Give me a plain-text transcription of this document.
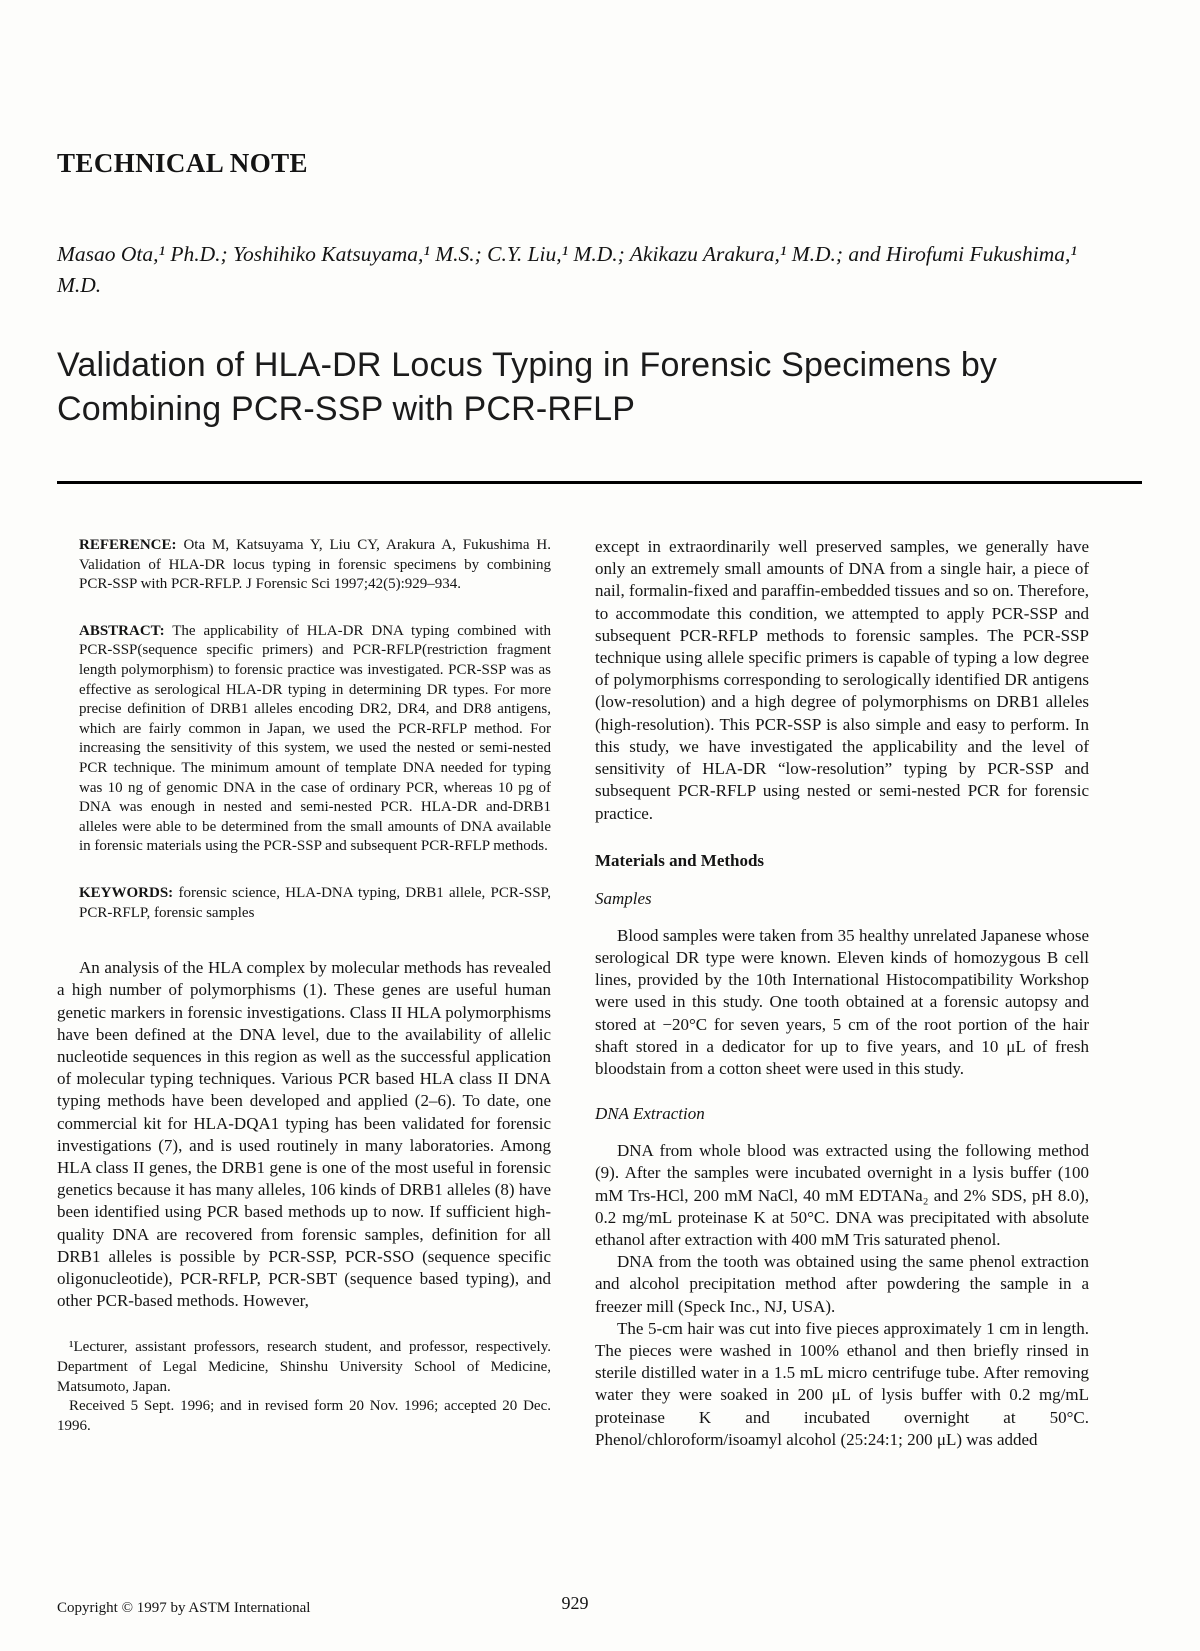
TECHNICAL NOTE

Masao Ota,¹ Ph.D.; Yoshihiko Katsuyama,¹ M.S.; C.Y. Liu,¹ M.D.; Akikazu Arakura,¹ M.D.; and Hirofumi Fukushima,¹ M.D.

Validation of HLA-DR Locus Typing in Forensic Specimens by Combining PCR-SSP with PCR-RFLP

REFERENCE: Ota M, Katsuyama Y, Liu CY, Arakura A, Fukushima H. Validation of HLA-DR locus typing in forensic specimens by combining PCR-SSP with PCR-RFLP. J Forensic Sci 1997;42(5):929–934.

ABSTRACT: The applicability of HLA-DR DNA typing combined with PCR-SSP(sequence specific primers) and PCR-RFLP(restriction fragment length polymorphism) to forensic practice was investigated. PCR-SSP was as effective as serological HLA-DR typing in determining DR types. For more precise definition of DRB1 alleles encoding DR2, DR4, and DR8 antigens, which are fairly common in Japan, we used the PCR-RFLP method. For increasing the sensitivity of this system, we used the nested or semi-nested PCR technique. The minimum amount of template DNA needed for typing was 10 ng of genomic DNA in the case of ordinary PCR, whereas 10 pg of DNA was enough in nested and semi-nested PCR. HLA-DR and-DRB1 alleles were able to be determined from the small amounts of DNA available in forensic materials using the PCR-SSP and subsequent PCR-RFLP methods.

KEYWORDS: forensic science, HLA-DNA typing, DRB1 allele, PCR-SSP, PCR-RFLP, forensic samples

An analysis of the HLA complex by molecular methods has revealed a high number of polymorphisms (1). These genes are useful human genetic markers in forensic investigations. Class II HLA polymorphisms have been defined at the DNA level, due to the availability of allelic nucleotide sequences in this region as well as the successful application of molecular typing techniques. Various PCR based HLA class II DNA typing methods have been developed and applied (2–6). To date, one commercial kit for HLA-DQA1 typing has been validated for forensic investigations (7), and is used routinely in many laboratories. Among HLA class II genes, the DRB1 gene is one of the most useful in forensic genetics because it has many alleles, 106 kinds of DRB1 alleles (8) have been identified using PCR based methods up to now. If sufficient high-quality DNA are recovered from forensic samples, definition for all DRB1 alleles is possible by PCR-SSP, PCR-SSO (sequence specific oligonucleotide), PCR-RFLP, PCR-SBT (sequence based typing), and other PCR-based methods. However,

¹Lecturer, assistant professors, research student, and professor, respectively. Department of Legal Medicine, Shinshu University School of Medicine, Matsumoto, Japan.

Received 5 Sept. 1996; and in revised form 20 Nov. 1996; accepted 20 Dec. 1996.

except in extraordinarily well preserved samples, we generally have only an extremely small amounts of DNA from a single hair, a piece of nail, formalin-fixed and paraffin-embedded tissues and so on. Therefore, to accommodate this condition, we attempted to apply PCR-SSP and subsequent PCR-RFLP methods to forensic samples. The PCR-SSP technique using allele specific primers is capable of typing a low degree of polymorphisms corresponding to serologically identified DR antigens (low-resolution) and a high degree of polymorphisms on DRB1 alleles (high-resolution). This PCR-SSP is also simple and easy to perform. In this study, we have investigated the applicability and the level of sensitivity of HLA-DR “low-resolution” typing by PCR-SSP and subsequent PCR-RFLP using nested or semi-nested PCR for forensic practice.

Materials and Methods
Samples

Blood samples were taken from 35 healthy unrelated Japanese whose serological DR type were known. Eleven kinds of homozygous B cell lines, provided by the 10th International Histocompatibility Workshop were used in this study. One tooth obtained at a forensic autopsy and stored at −20°C for seven years, 5 cm of the root portion of the hair shaft stored in a dedicator for up to five years, and 10 μL of fresh bloodstain from a cotton sheet were used in this study.

DNA Extraction

DNA from whole blood was extracted using the following method (9). After the samples were incubated overnight in a lysis buffer (100 mM Trs-HCl, 200 mM NaCl, 40 mM EDTANa₂ and 2% SDS, pH 8.0), 0.2 mg/mL proteinase K at 50°C. DNA was precipitated with absolute ethanol after extraction with 400 mM Tris saturated phenol.

DNA from the tooth was obtained using the same phenol extraction and alcohol precipitation method after powdering the sample in a freezer mill (Speck Inc., NJ, USA).

The 5-cm hair was cut into five pieces approximately 1 cm in length. The pieces were washed in 100% ethanol and then briefly rinsed in sterile distilled water in a 1.5 mL micro centrifuge tube. After removing water they were soaked in 200 μL of lysis buffer with 0.2 mg/mL proteinase K and incubated overnight at 50°C. Phenol/chloroform/isoamyl alcohol (25:24:1; 200 μL) was added

Copyright © 1997 by ASTM International	929
